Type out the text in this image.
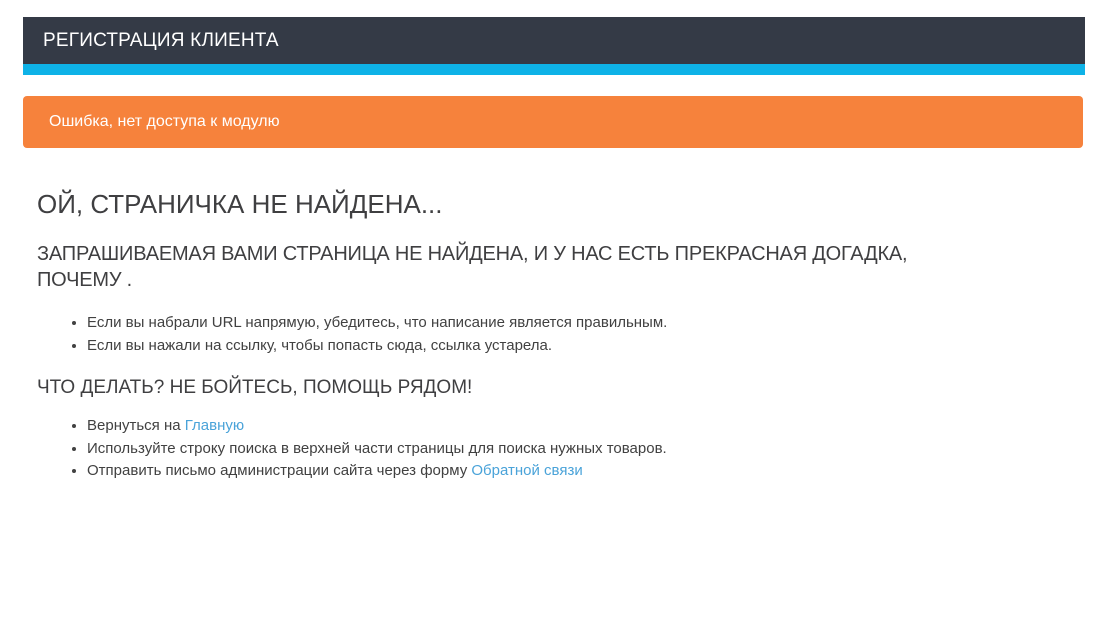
РЕГИСТРАЦИЯ КЛИЕНТА
Ошибка, нет доступа к модулю
ОЙ, СТРАНИЧКА НЕ НАЙДЕНА...
ЗАПРАШИВАЕМАЯ ВАМИ СТРАНИЦА НЕ НАЙДЕНА, И У НАС ЕСТЬ ПРЕКРАСНАЯ ДОГАДКА,
ПОЧЕМУ .
• Если вы набрали URL напрямую, убедитесь, что написание является правильным.
• Если вы нажали на ссылку, чтобы попасть сюда, ссылка устарела.
ЧТО ДЕЛАТЬ? НЕ БОЙТЕСЬ, ПОМОЩЬ РЯДОМ!
• Вернуться на Главную
• Используйте строку поиска в верхней части страницы для поиска нужных товаров.
• Отправить письмо администрации сайта через форму Обратной связи
